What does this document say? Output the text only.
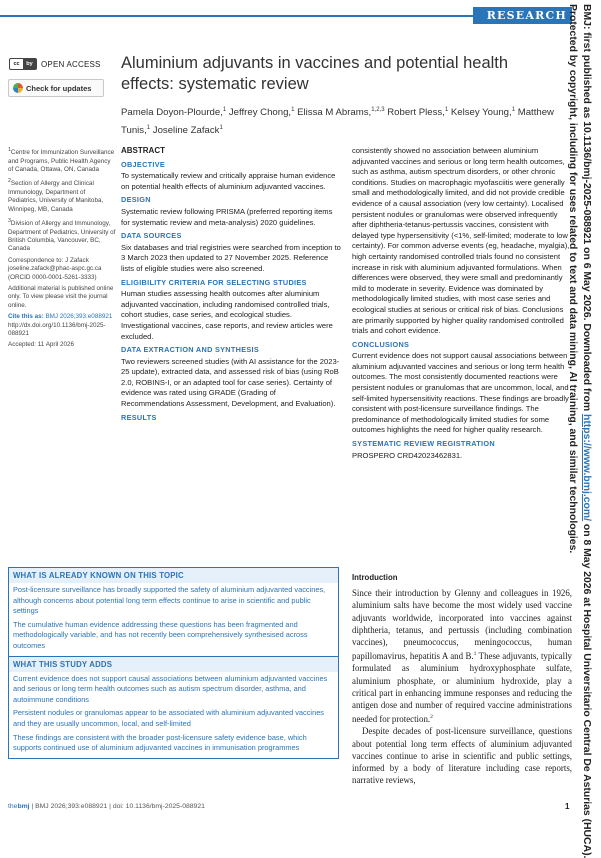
RESEARCH	BMJ: first published as 10.1136/bmj-2025-088921 on 6 May 2026. Downloaded from https://www.bmj.com/ on 8 May 2026 at Hospital Universitario Central De Asturias (HUCA).
Protected by copyright, including for uses related to text and data mining, AI training, and similar technologies.
cc	by	OPEN ACCESS
Check for updates
Aluminium adjuvants in vaccines and potential health effects: systematic review
Pamela Doyon-Plourde,$^1$ Jeffrey Chong,$^1$ Elissa M Abrams,$^{1,2,3}$ Robert Pless,$^1$ Kelsey Young,$^1$ Matthew Tunis,$^1$ Joseline Zafack$^1$

$^1$Centre for Immunization Surveillance and Programs, Public Health Agency of Canada, Ottawa, ON, Canada

$^2$Section of Allergy and Clinical Immunology, Department of Pediatrics, University of Manitoba, Winnipeg, MB, Canada

$^3$Division of Allergy and Immunology, Department of Pediatrics, University of British Columbia, Vancouver, BC, Canada

Correspondence to: J Zafack
joseline.zafack@phac-aspc.gc.ca
(ORCID 0000-0001-5261-3333)

Additional material is published online only. To view please visit the journal online.

Cite this as: BMJ 2026;393:e088921
http://dx.doi.org/10.1136/bmj-2025-088921

Accepted: 11 April 2026

ABSTRACT
OBJECTIVE

To systematically review and critically appraise human evidence on potential health effects of aluminium adjuvanted vaccines.

DESIGN

Systematic review following PRISMA (preferred reporting items for systematic review and meta-analysis) 2020 guidelines.

DATA SOURCES

Six databases and trial registries were searched from inception to 3 March 2023 then updated to 27 November 2025. Reference lists of eligible studies were also screened.

ELIGIBILITY CRITERIA FOR SELECTING STUDIES

Human studies assessing health outcomes after aluminium adjuvanted vaccination, including randomised controlled trials, cohort studies, case series, and ecological studies. Investigational vaccines, case reports, and review articles were excluded.

DATA EXTRACTION AND SYNTHESIS

Two reviewers screened studies (with AI assistance for the 2023-25 update), extracted data, and assessed risk of bias (using RoB 2.0, ROBINS-I, or an adapted tool for case series). Certainty of evidence was rated using GRADE (Grading of Recommendations Assessment, Development, and Evaluation).

RESULTS

consistently showed no association between aluminium adjuvanted vaccines and serious or long term health outcomes, such as asthma, autism spectrum disorders, or other chronic conditions. Studies on macrophagic myofasciitis were generally small and methodologically limited, and did not provide credible evidence of a causal association (very low certainty). Localised persistent nodules or granulomas were observed infrequently after diphtheria-tetanus-pertussis vaccines, consistent with delayed type hypersensitivity (<1%, self-limited; moderate to low certainty). For common adverse events (eg, headache, myalgia), high certainty randomised controlled trials found no consistent increase in risk with aluminium adjuvanted formulations. When differences were observed, they were small and predominantly mild to moderate in severity. Evidence was dominated by methodologically limited studies, with most case series and ecological studies at serious or critical risk of bias. Conclusions are primarily supported by higher quality randomised controlled trials and cohort evidence.

CONCLUSIONS

Current evidence does not support causal associations between aluminium adjuvanted vaccines and serious or long term health outcomes. The most consistently documented reactions were persistent nodules or granulomas that are uncommon, local, and self-limited hypersensitivity reactions. These findings are broadly consistent with post-licensure surveillance findings. The predominance of methodologically limited studies for some outcomes highlights the need for higher quality research.

SYSTEMATIC REVIEW REGISTRATION

PROSPERO CRD42023462831.

WHAT IS ALREADY KNOWN ON THIS TOPIC
Post-licensure surveillance has broadly supported the safety of aluminium adjuvanted vaccines, although concerns about potential long term effects continue to arise in scientific and public settings
The cumulative human evidence addressing these questions has been fragmented and methodologically variable, and has not recently been comprehensively synthesised across outcomes
WHAT THIS STUDY ADDS
Current evidence does not support causal associations between aluminium adjuvanted vaccines and serious or long term health outcomes such as autism spectrum disorder, asthma, and autoimmune conditions
Persistent nodules or granulomas appear to be associated with aluminium adjuvanted vaccines and they are usually uncommon, local, and self-limited
These findings are consistent with the broader post-licensure safety evidence base, which supports continued use of aluminium adjuvanted vaccines in immunisation programmes
Introduction

Since their introduction by Glenny and colleagues in 1926, aluminium salts have become the most widely used vaccine adjuvants worldwide, incorporated into vaccines against diphtheria, tetanus, and pertussis (including combination vaccines), pneumococcus, meningococcus, human papillomavirus, hepatitis A and B.$^1$ These adjuvants, typically formulated as aluminium hydroxyphosphate sulfate, aluminium phosphate, or aluminium hydroxide, play a critical part in enhancing immune responses and reducing the antigen dose and number of required vaccine administrations needed for protection.$^2$

Despite decades of post-licensure surveillance, questions about potential long term effects of aluminium adjuvanted vaccines continue to arise in scientific and public settings, informed by a body of literature including case reports, narrative reviews,

thebmj | BMJ 2026;393:e088921 | doi: 10.1136/bmj-2025-088921	1
